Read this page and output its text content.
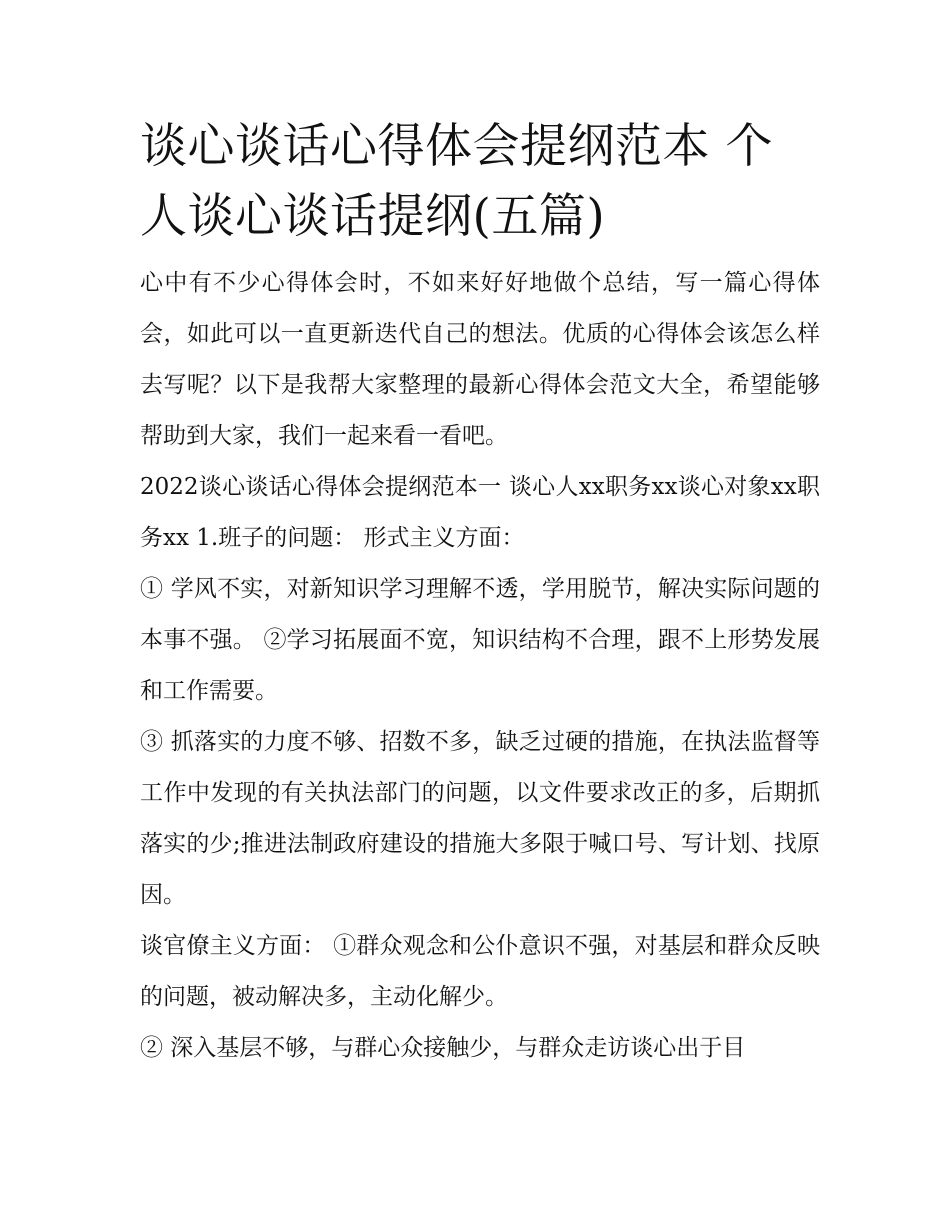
谈心谈话心得体会提纲范本 个人谈心谈话提纲(五篇)

心中有不少心得体会时，不如来好好地做个总结，写一篇心得体会，如此可以一直更新迭代自己的想法。优质的心得体会该怎么样去写呢？以下是我帮大家整理的最新心得体会范文大全，希望能够帮助到大家，我们一起来看一看吧。

2022谈心谈话心得体会提纲范本一 谈心人xx职务xx谈心对象xx职务xx 1.班子的问题： 形式主义方面：

① 学风不实，对新知识学习理解不透，学用脱节，解决实际问题的本事不强。 ②学习拓展面不宽，知识结构不合理，跟不上形势发展和工作需要。

③ 抓落实的力度不够、招数不多，缺乏过硬的措施，在执法监督等工作中发现的有关执法部门的问题，以文件要求改正的多，后期抓落实的少;推进法制政府建设的措施大多限于喊口号、写计划、找原因。

谈官僚主义方面： ①群众观念和公仆意识不强，对基层和群众反映的问题，被动解决多，主动化解少。

② 深入基层不够，与群心众接触少，与群众走访谈心出于目
